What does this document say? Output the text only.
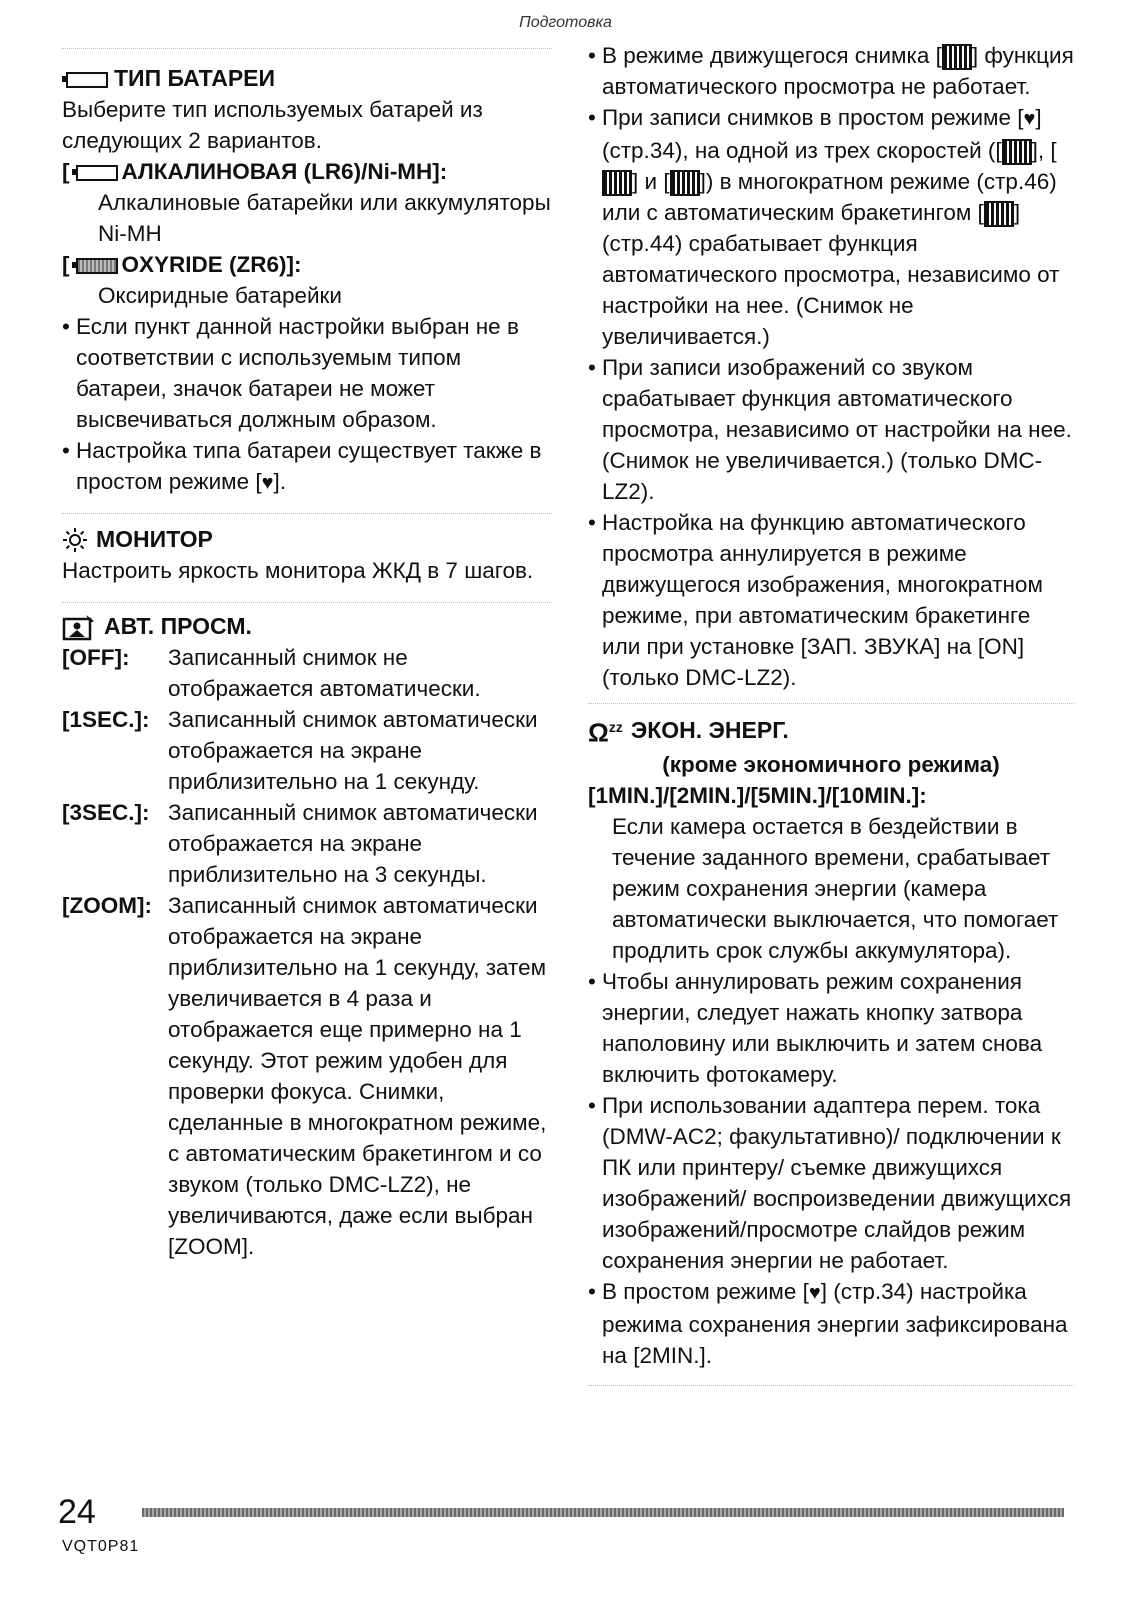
Подготовка
ТИП БАТАРЕИ
Выберите тип используемых батарей из следующих 2 вариантов.
[ АЛКАЛИНОВАЯ (LR6)/Ni-MH]:
Алкалиновые батарейки или аккумуляторы Ni-MH
[ OXYRIDE (ZR6)]:
Оксиридные батарейки
• Если пункт данной настройки выбран не в соответствии с используемым типом батареи, значок батареи не может высвечиваться должным образом.
• Настройка типа батареи существует также в простом режиме [♥].
МОНИТОР
Настроить яркость монитора ЖКД в 7 шагов.
АВТ. ПРОСМ.
[OFF]:	Записанный снимок не отображается автоматически.
[1SEC.]: Записанный снимок автоматически отображается на экране приблизительно на 1 секунду.
[3SEC.]: Записанный снимок автоматически отображается на экране приблизительно на 3 секунды.
[ZOOM]: Записанный снимок автоматически отображается на экране приблизительно на 1 секунду, затем увеличивается в 4 раза и отображается еще примерно на 1 секунду. Этот режим удобен для проверки фокуса. Снимки, сделанные в многократном режиме, с автоматическим бракетингом и со звуком (только DMC-LZ2), не увеличиваются, даже если выбран [ZOOM].
• В режиме движущегося снимка [ ] функция автоматического просмотра не работает.
• При записи снимков в простом режиме [♥] (стр.34), на одной из трех скоростей ([ ], [] и [ ]) в многократном режиме (стр.46) или с автоматическим бракетингом [ ] (стр.44) срабатывает функция автоматического просмотра, независимо от настройки на нее. (Снимок не увеличивается.)
• При записи изображений со звуком срабатывает функция автоматического просмотра, независимо от настройки на нее. (Снимок не увеличивается.) (только DMC-LZ2).
• Настройка на функцию автоматического просмотра аннулируется в режиме движущегося изображения, многократном режиме, при автоматическим бракетинге или при установке [ЗАП. ЗВУКА] на [ON] (только DMC-LZ2).
$\Omega^{zz}$ ЭКОН. ЭНЕРГ.
(кроме экономичного режима)
[1MIN.]/[2MIN.]/[5MIN.]/[10MIN.]:
Если камера остается в бездействии в течение заданного времени, срабатывает режим сохранения энергии (камера автоматически выключается, что помогает продлить срок службы аккумулятора).
• Чтобы аннулировать режим сохранения энергии, следует нажать кнопку затвора наполовину или выключить и затем снова включить фотокамеру.
• При использовании адаптера перем. тока (DMW-AC2; факультативно)/ подключении к ПК или принтеру/ съемке движущихся изображений/ воспроизведении движущихся изображений/просмотре слайдов режим сохранения энергии не работает.
• В простом режиме [♥] (стр.34) настройка режима сохранения энергии зафиксирована на [2MIN.].
24
VQT0P81
